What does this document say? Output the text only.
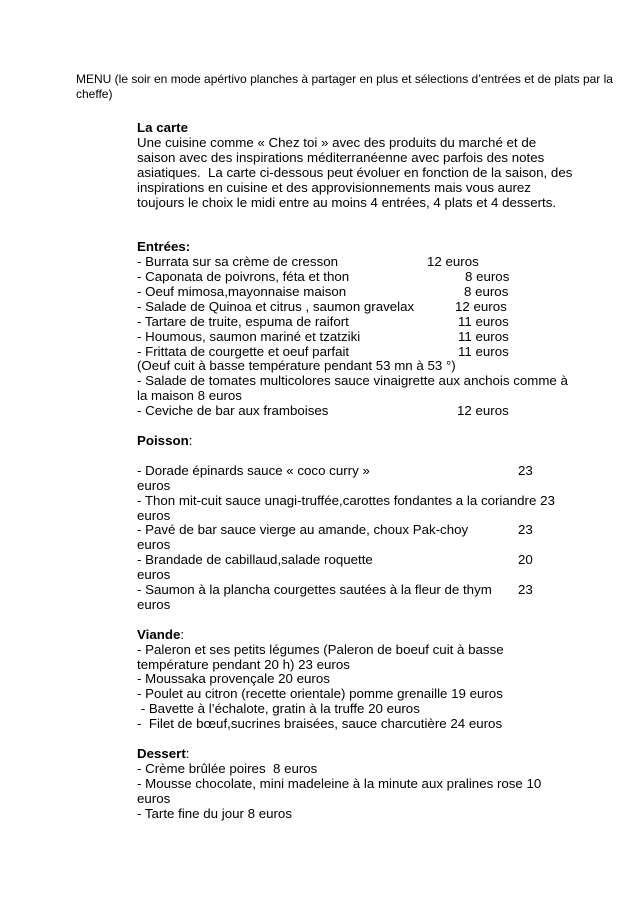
MENU (le soir en mode apértivo planches à partager en plus et sélections d’entrées et de plats par la
cheffe)
La carte
Une cuisine comme « Chez toi » avec des produits du marché et de
saison avec des inspirations méditerranéenne avec parfois des notes
asiatiques.  La carte ci-dessous peut évoluer en fonction de la saison, des
inspirations en cuisine et des approvisionnements mais vous aurez
toujours le choix le midi entre au moins 4 entrées, 4 plats et 4 desserts.
Entrées:
- Burrata sur sa crème de cresson	12 euros
- Caponata de poivrons, féta et thon	8 euros
- Oeuf mimosa,mayonnaise maison	8 euros
- Salade de Quinoa et citrus , saumon gravelax	12 euros
- Tartare de truite, espuma de raifort	11 euros
- Houmous, saumon mariné et tzatziki	11 euros
- Frittata de courgette et oeuf parfait	11 euros
(Oeuf cuit à basse température pendant 53 mn à 53 °)
- Salade de tomates multicolores sauce vinaigrette aux anchois comme à
la maison 8 euros
- Ceviche de bar aux framboises	12 euros
Poisson:
- Dorade épinards sauce « coco curry »	23
euros
- Thon mit-cuit sauce unagi-truffée,carottes fondantes a la coriandre 23
euros
- Pavé de bar sauce vierge au amande, choux Pak-choy	23
euros
- Brandade de cabillaud,salade roquette	20
euros
- Saumon à la plancha courgettes sautées à la fleur de thym 23
euros
Viande:
- Paleron et ses petits légumes (Paleron de boeuf cuit à basse
température pendant 20 h) 23 euros
- Moussaka provençale 20 euros
- Poulet au citron (recette orientale) pomme grenaille 19 euros
- Bavette à l’échalote, gratin à la truffe 20 euros
-  Filet de bœuf,sucrines braisées, sauce charcutière 24 euros
Dessert:
- Crème brûlée poires  8 euros
- Mousse chocolate, mini madeleine à la minute aux pralines rose 10
euros
- Tarte fine du jour 8 euros
